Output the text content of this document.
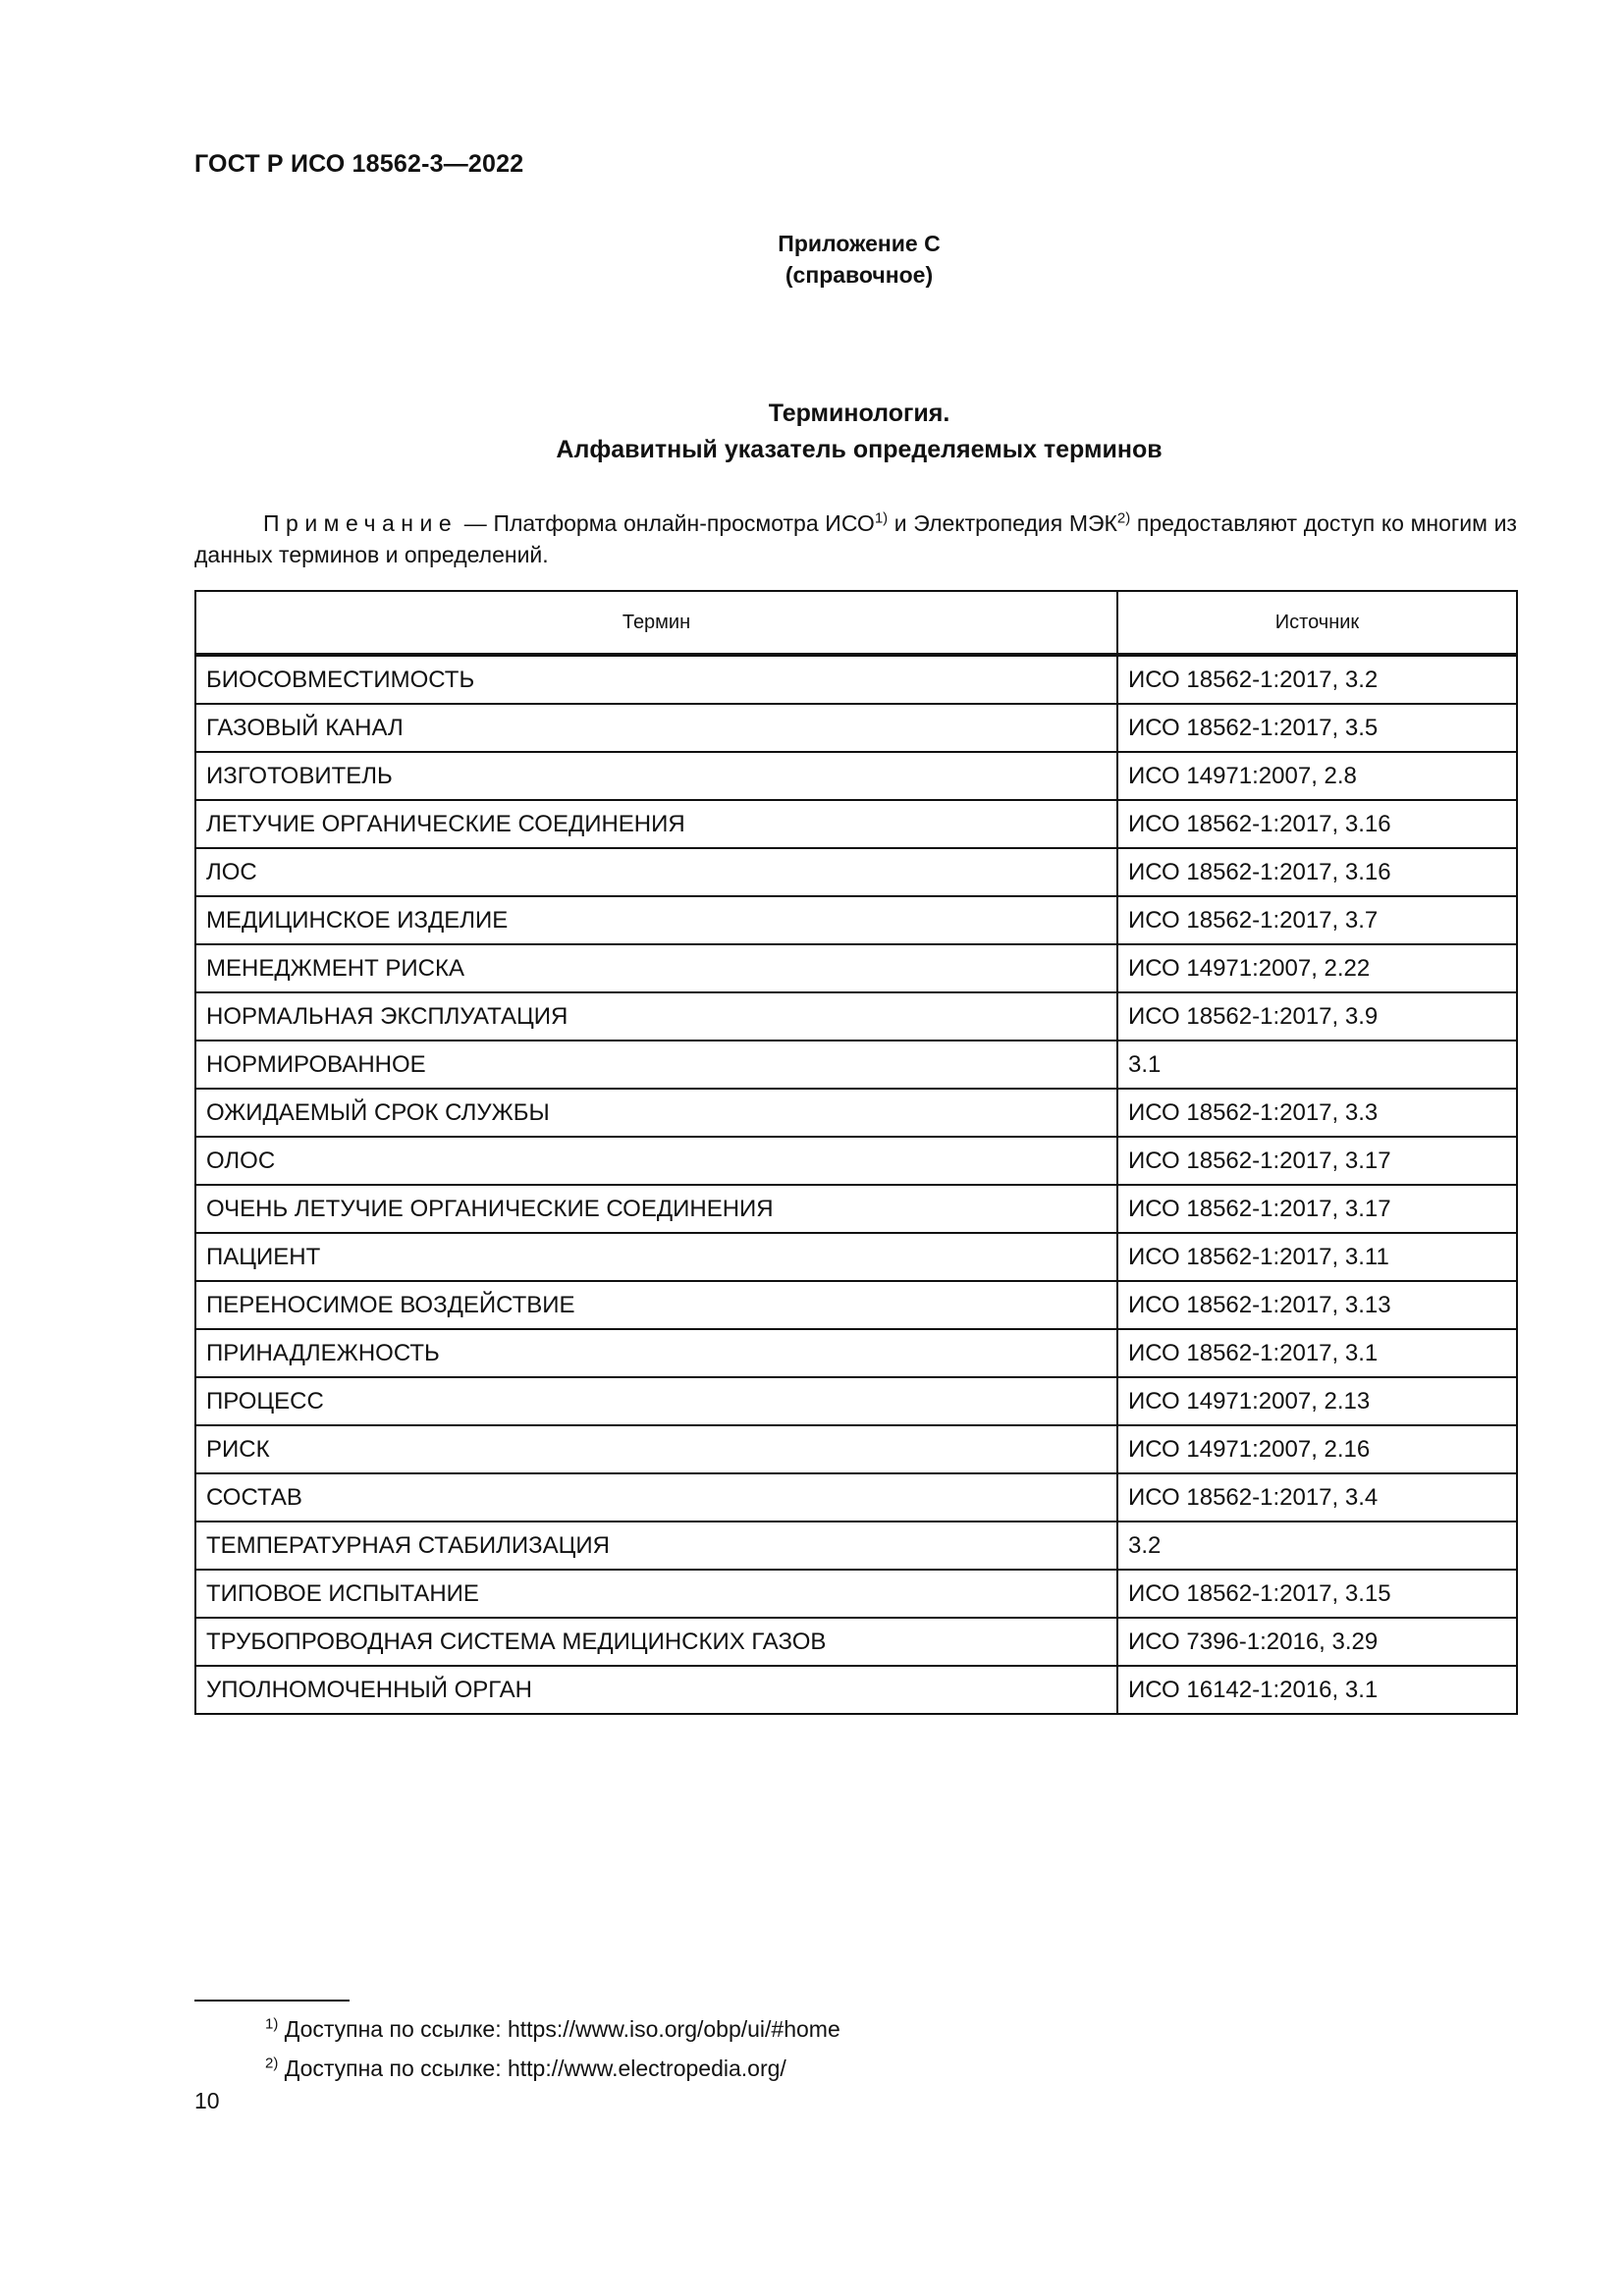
ГОСТ Р ИСО 18562-3—2022
Приложение C
(справочное)
Терминология.
Алфавитный указатель определяемых терминов
Примечание — Платформа онлайн-просмотра ИСО$^{1)}$ и Электропедия МЭК$^{2)}$ предоставляют доступ ко многим из данных терминов и определений.
Термин	Источник
БИОСОВМЕСТИМОСТЬ	ИСО 18562-1:2017, 3.2
ГАЗОВЫЙ КАНАЛ	ИСО 18562-1:2017, 3.5
ИЗГОТОВИТЕЛЬ	ИСО 14971:2007, 2.8
ЛЕТУЧИЕ ОРГАНИЧЕСКИЕ СОЕДИНЕНИЯ	ИСО 18562-1:2017, 3.16
ЛОС	ИСО 18562-1:2017, 3.16
МЕДИЦИНСКОЕ ИЗДЕЛИЕ	ИСО 18562-1:2017, 3.7
МЕНЕДЖМЕНТ РИСКА	ИСО 14971:2007, 2.22
НОРМАЛЬНАЯ ЭКСПЛУАТАЦИЯ	ИСО 18562-1:2017, 3.9
НОРМИРОВАННОЕ	3.1
ОЖИДАЕМЫЙ СРОК СЛУЖБЫ	ИСО 18562-1:2017, 3.3
ОЛОС	ИСО 18562-1:2017, 3.17
ОЧЕНЬ ЛЕТУЧИЕ ОРГАНИЧЕСКИЕ СОЕДИНЕНИЯ	ИСО 18562-1:2017, 3.17
ПАЦИЕНТ	ИСО 18562-1:2017, 3.11
ПЕРЕНОСИМОЕ ВОЗДЕЙСТВИЕ	ИСО 18562-1:2017, 3.13
ПРИНАДЛЕЖНОСТЬ	ИСО 18562-1:2017, 3.1
ПРОЦЕСС	ИСО 14971:2007, 2.13
РИСК	ИСО 14971:2007, 2.16
СОСТАВ	ИСО 18562-1:2017, 3.4
ТЕМПЕРАТУРНАЯ СТАБИЛИЗАЦИЯ	3.2
ТИПОВОЕ ИСПЫТАНИЕ	ИСО 18562-1:2017, 3.15
ТРУБОПРОВОДНАЯ СИСТЕМА МЕДИЦИНСКИХ ГАЗОВ	ИСО 7396-1:2016, 3.29
УПОЛНОМОЧЕННЫЙ ОРГАН	ИСО 16142-1:2016, 3.1
$^{1)}$ Доступна по ссылке: https://www.iso.org/obp/ui/#home
$^{2)}$ Доступна по ссылке: http://www.electropedia.org/
10
